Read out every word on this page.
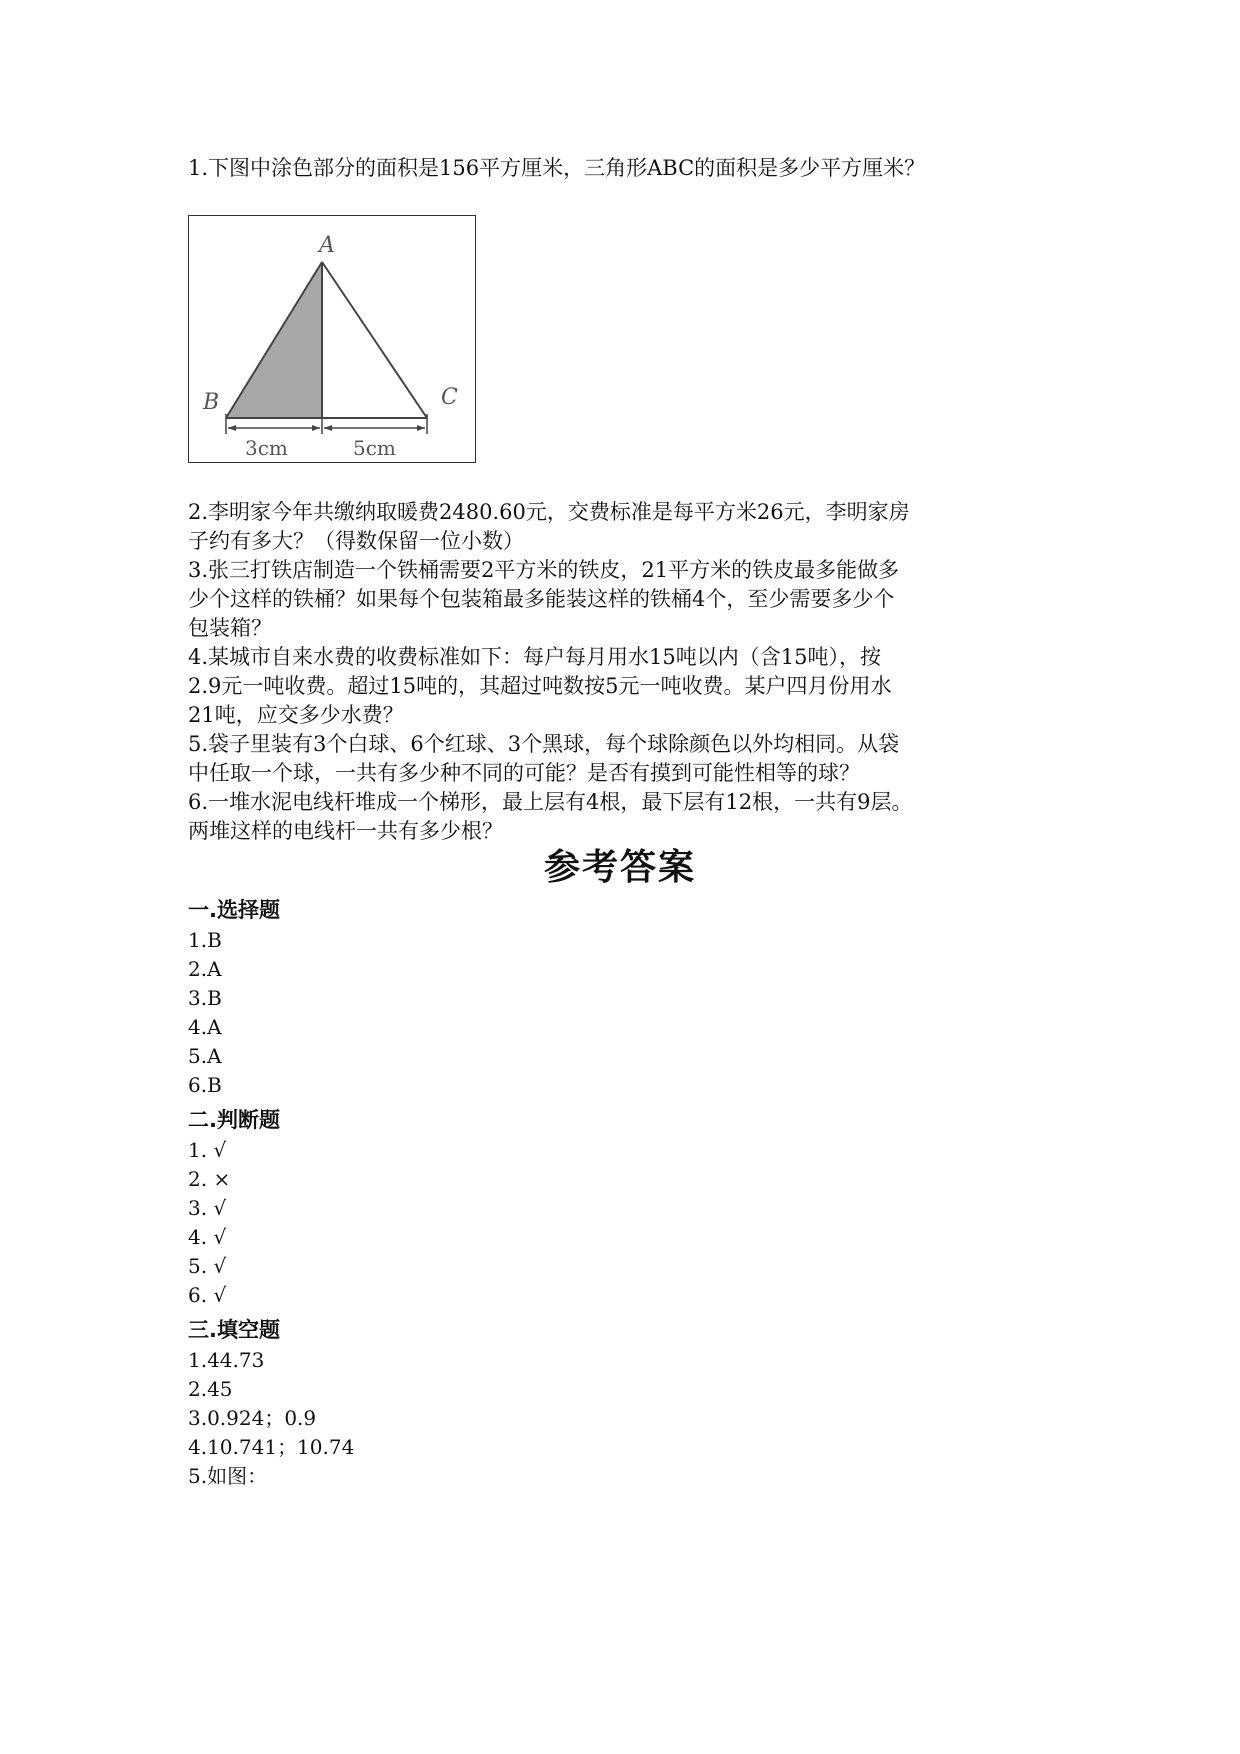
1.下图中涂色部分的面积是156平方厘米，三角形ABC的面积是多少平方厘米？
A
B	C
3cm	5cm
2.李明家今年共缴纳取暖费2480.60元，交费标准是每平方米26元，李明家房
子约有多大？（得数保留一位小数）
3.张三打铁店制造一个铁桶需要2平方米的铁皮，21平方米的铁皮最多能做多
少个这样的铁桶？如果每个包装箱最多能装这样的铁桶4个，至少需要多少个
包装箱？
4.某城市自来水费的收费标准如下：每户每月用水15吨以内（含15吨），按
2.9元一吨收费。超过15吨的，其超过吨数按5元一吨收费。某户四月份用水
21吨，应交多少水费？
5.袋子里装有3个白球、6个红球、3个黑球，每个球除颜色以外均相同。从袋
中任取一个球，一共有多少种不同的可能？是否有摸到可能性相等的球？
6.一堆水泥电线杆堆成一个梯形，最上层有4根，最下层有12根，一共有9层。
两堆这样的电线杆一共有多少根？
参考答案
一.选择题
1.B
2.A
3.B
4.A
5.A
6.B
二.判断题
1. √
2. ×
3. √
4. √
5. √
6. √
三.填空题
1.44.73
2.45
3.0.924；0.9
4.10.741；10.74
5.如图：
